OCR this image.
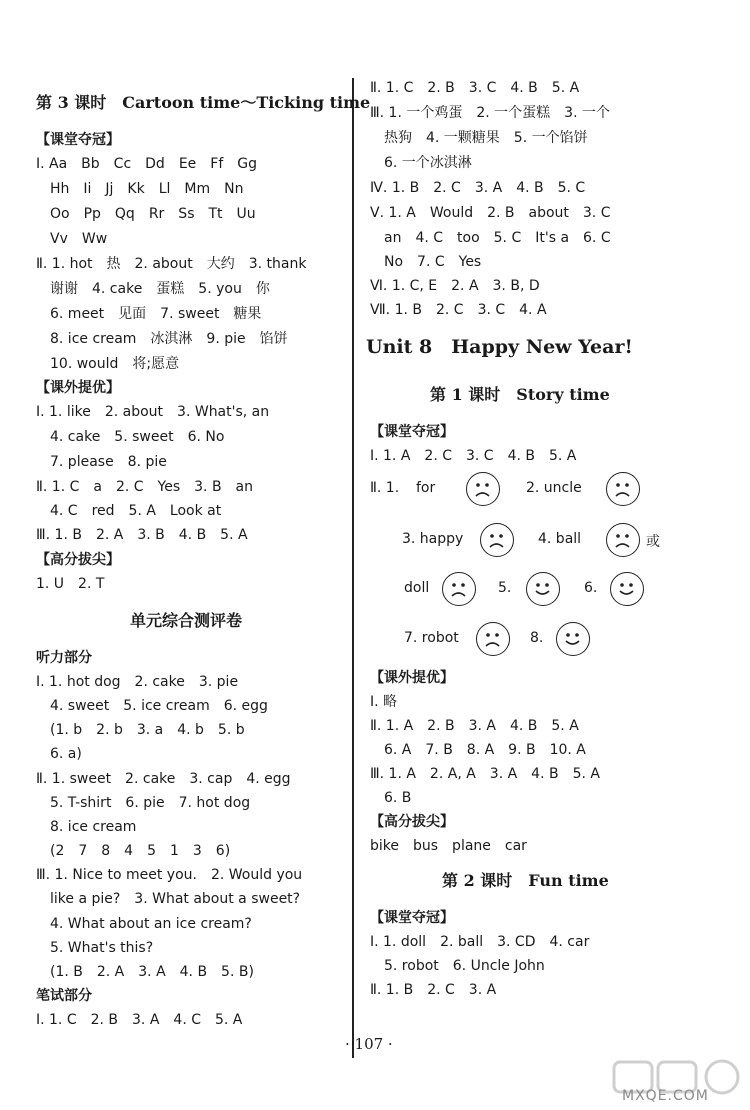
第 3 课时　Cartoon time～Ticking time
【课堂夺冠】
Ⅰ. Aa　Bb　Cc　Dd　Ee　Ff　Gg
　Hh　Ii　Jj　Kk　Ll　Mm　Nn
　Oo　Pp　Qq　Rr　Ss　Tt　Uu
　Vv　Ww
Ⅱ. 1. hot　热　2. about　大约　3. thank
　谢谢　4. cake　蛋糕　5. you　你
　6. meet　见面　7. sweet　糖果
　8. ice cream　冰淇淋　9. pie　馅饼
　10. would　将;愿意
【课外提优】
Ⅰ. 1. like　2. about　3. What's, an
　4. cake　5. sweet　6. No
　7. please　8. pie
Ⅱ. 1. C　a　2. C　Yes　3. B　an
　4. C　red　5. A　Look at
Ⅲ. 1. B　2. A　3. B　4. B　5. A
【高分拔尖】
1. U　2. T
单元综合测评卷
听力部分
Ⅰ. 1. hot dog　2. cake　3. pie
　4. sweet　5. ice cream　6. egg
　(1. b　2. b　3. a　4. b　5. b
　6. a)
Ⅱ. 1. sweet　2. cake　3. cap　4. egg
　5. T-shirt　6. pie　7. hot dog
　8. ice cream
　(2　7　8　4　5　1　3　6)
Ⅲ. 1. Nice to meet you.　2. Would you
　like a pie?　3. What about a sweet?
　4. What about an ice cream?
　5. What's this?
　(1. B　2. A　3. A　4. B　5. B)
笔试部分
Ⅰ. 1. C　2. B　3. A　4. C　5. A
Ⅱ. 1. C　2. B　3. C　4. B　5. A
Ⅲ. 1. 一个鸡蛋　2. 一个蛋糕　3. 一个
　热狗　4. 一颗糖果　5. 一个馅饼
　6. 一个冰淇淋
Ⅳ. 1. B　2. C　3. A　4. B　5. C
Ⅴ. 1. A　Would　2. B　about　3. C
　an　4. C　too　5. C　It's a　6. C
　No　7. C　Yes
Ⅵ. 1. C, E　2. A　3. B, D
Ⅶ. 1. B　2. C　3. C　4. A
Unit 8　Happy New Year!
第 1 课时　Story time
【课堂夺冠】
Ⅰ. 1. A　2. C　3. C　4. B　5. A
Ⅱ. 1. for	2. uncle
3. happy	4. ball	或
doll	5.	6.
7. robot	8.
【课外提优】
Ⅰ. 略
Ⅱ. 1. A　2. B　3. A　4. B　5. A
　6. A　7. B　8. A　9. B　10. A
Ⅲ. 1. A　2. A, A　3. A　4. B　5. A
　6. B
【高分拔尖】
bike　bus　plane　car
第 2 课时　Fun time
【课堂夺冠】
Ⅰ. 1. doll　2. ball　3. CD　4. car
　5. robot　6. Uncle John
Ⅱ. 1. B　2. C　3. A
· 107 ·
MXQE.COM
